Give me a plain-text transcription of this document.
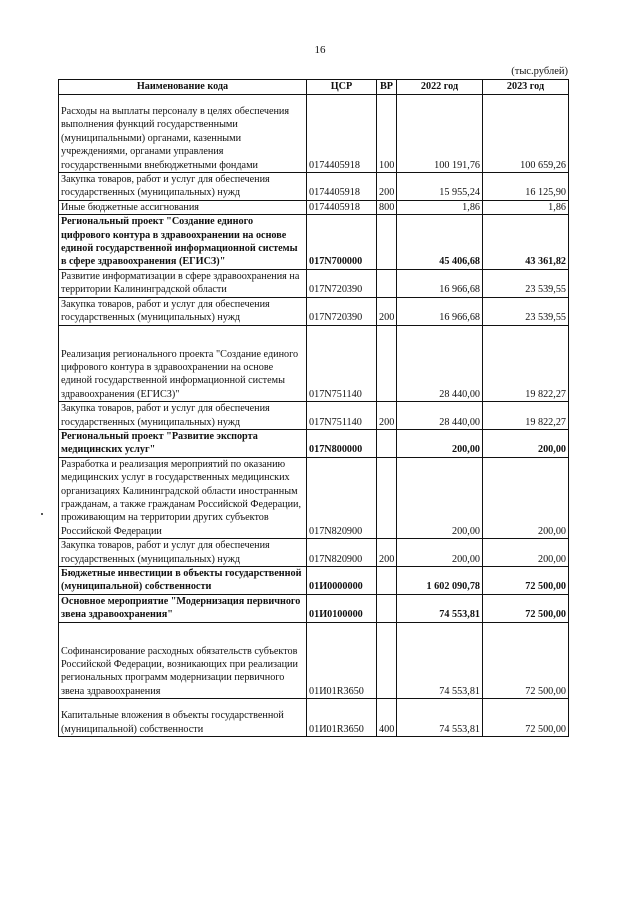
16
(тыс.рублей)
Наименование кода	ЦСР	ВР	2022 год	2023 год
Расходы на выплаты персоналу в целях обеспечения выполнения функций государственными (муниципальными) органами, казенными учреждениями, органами управления государственными внебюджетными фондами	0174405918	100	100 191,76	100 659,26
Закупка товаров, работ и услуг для обеспечения государственных (муниципальных) нужд	0174405918	200	15 955,24	16 125,90
Иные бюджетные ассигнования	0174405918	800	1,86	1,86
Региональный проект "Создание единого цифрового контура в здравоохранении на основе единой государственной информационной системы в сфере здравоохранения (ЕГИСЗ)"	017N700000		45 406,68	43 361,82
Развитие информатизации в сфере здравоохранения на территории Калининградской области	017N720390		16 966,68	23 539,55
Закупка товаров, работ и услуг для обеспечения государственных (муниципальных) нужд	017N720390	200	16 966,68	23 539,55
Реализация регионального проекта "Создание единого цифрового контура в здравоохранении на основе единой государственной информационной системы здравоохранения (ЕГИСЗ)"	017N751140		28 440,00	19 822,27
Закупка товаров, работ и услуг для обеспечения государственных (муниципальных) нужд	017N751140	200	28 440,00	19 822,27
Региональный проект "Развитие экспорта медицинских услуг"	017N800000		200,00	200,00
Разработка и реализация мероприятий по оказанию медицинских услуг в государственных медицинских организациях Калининградской области иностранным гражданам, а также гражданам Российской Федерации, проживающим на территории других субъектов Российской Федерации	017N820900		200,00	200,00
Закупка товаров, работ и услуг для обеспечения государственных (муниципальных) нужд	017N820900	200	200,00	200,00
Бюджетные инвестиции в объекты государственной (муниципальной) собственности	01И0000000		1 602 090,78	72 500,00
Основное мероприятие "Модернизация первичного звена здравоохранения"	01И0100000		74 553,81	72 500,00
Софинансирование расходных обязательств субъектов Российской Федерации, возникающих при реализации региональных программ модернизации первичного звена здравоохранения	01И01R3650		74 553,81	72 500,00
Капитальные вложения в объекты государственной (муниципальной) собственности	01И01R3650	400	74 553,81	72 500,00
